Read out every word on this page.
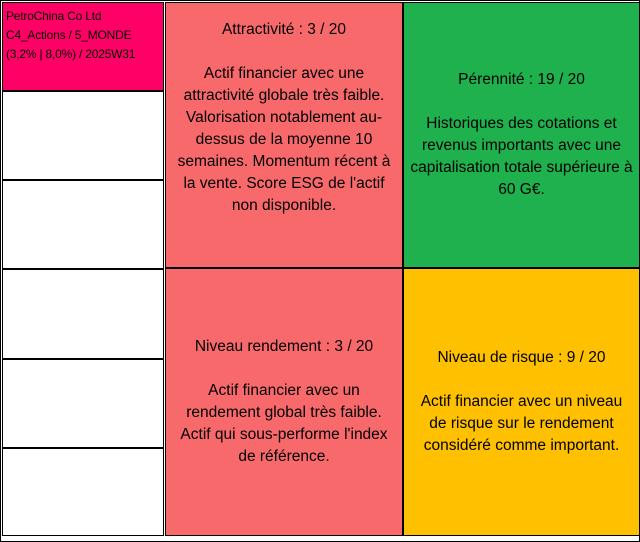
PetroChina Co Ltd
C4_Actions / 5_MONDE
(3,2% | 8,0%) / 2025W31
Attractivité : 3 / 20
Actif financier avec une attractivité globale très faible. Valorisation notablement au-dessus de la moyenne 10 semaines. Momentum récent à la vente. Score ESG de l'actif non disponible.
Pérennité : 19 / 20
Historiques des cotations et revenus importants avec une capitalisation totale supérieure à 60 G€.
Niveau rendement : 3 / 20
Actif financier avec un rendement global très faible. Actif qui sous-performe l'index de référence.
Niveau de risque : 9 / 20
Actif financier avec un niveau de risque sur le rendement considéré comme important.
